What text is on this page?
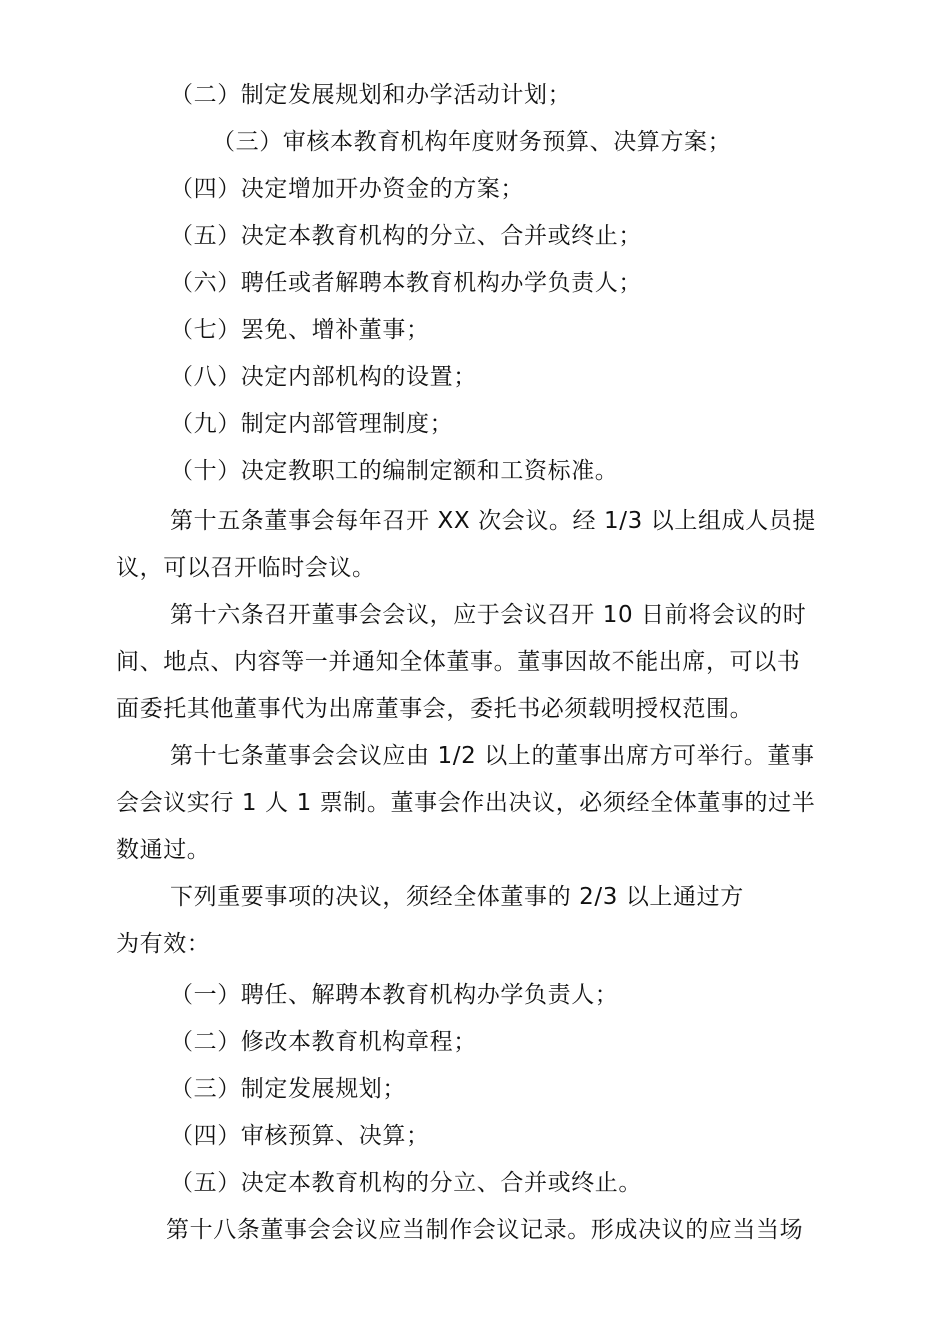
（二）制定发展规划和办学活动计划；
（三）审核本教育机构年度财务预算、决算方案；
（四）决定增加开办资金的方案；
（五）决定本教育机构的分立、合并或终止；
（六）聘任或者解聘本教育机构办学负责人；
（七）罢免、增补董事；
（八）决定内部机构的设置；
（九）制定内部管理制度；
（十）决定教职工的编制定额和工资标准。
第十五条董事会每年召开 XX 次会议。经 1/3 以上组成人员提
议，可以召开临时会议。
第十六条召开董事会会议，应于会议召开 10 日前将会议的时
间、地点、内容等一并通知全体董事。董事因故不能出席，可以书
面委托其他董事代为出席董事会，委托书必须载明授权范围。
第十七条董事会会议应由 1/2 以上的董事出席方可举行。董事
会会议实行 1 人 1 票制。董事会作出决议，必须经全体董事的过半
数通过。
下列重要事项的决议，须经全体董事的 2/3 以上通过方
为有效：
（一）聘任、解聘本教育机构办学负责人；
（二）修改本教育机构章程；
（三）制定发展规划；
（四）审核预算、决算；
（五）决定本教育机构的分立、合并或终止。
第十八条董事会会议应当制作会议记录。形成决议的应当当场
